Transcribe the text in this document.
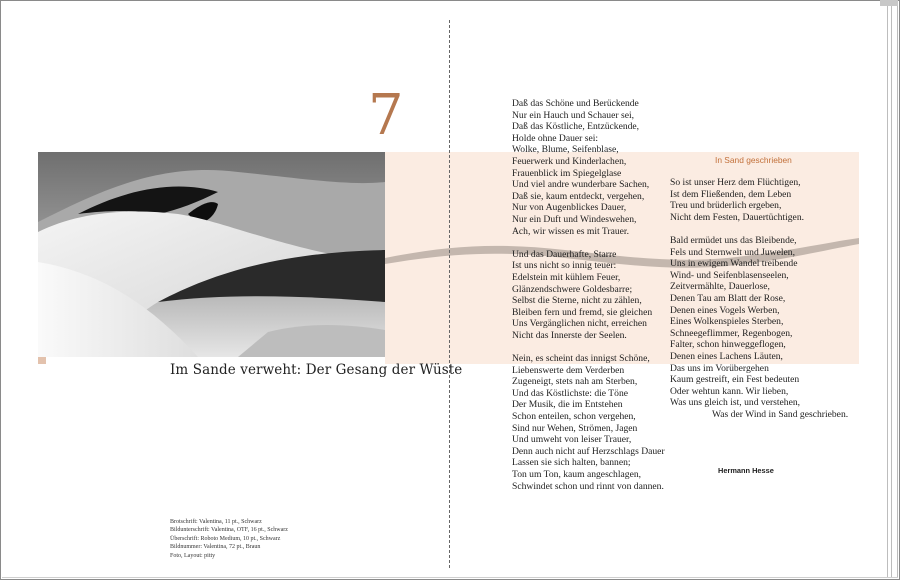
7
Im Sande verweht: Der Gesang der Wüste
Daß das Schöne und Berückende
Nur ein Hauch und Schauer sei,
Daß das Köstliche, Entzückende,
Holde ohne Dauer sei:
Wolke, Blume, Seifenblase,
Feuerwerk und Kinderlachen,
Frauenblick im Spiegelglase
Und viel andre wunderbare Sachen,
Daß sie, kaum entdeckt, vergehen,
Nur von Augenblickes Dauer,
Nur ein Duft und Windeswehen,
Ach, wir wissen es mit Trauer.
Und das Dauerhafte, Starre
Ist uns nicht so innig teuer:
Edelstein mit kühlem Feuer,
Glänzendschwere Goldesbarre;
Selbst die Sterne, nicht zu zählen,
Bleiben fern und fremd, sie gleichen
Uns Vergänglichen nicht, erreichen
Nicht das Innerste der Seelen.
Nein, es scheint das innigst Schöne,
Liebenswerte dem Verderben
Zugeneigt, stets nah am Sterben,
Und das Köstlichste: die Töne
Der Musik, die im Entstehen
Schon enteilen, schon vergehen,
Sind nur Wehen, Strömen, Jagen
Und umweht von leiser Trauer,
Denn auch nicht auf Herzschlags Dauer
Lassen sie sich halten, bannen;
Ton um Ton, kaum angeschlagen,
Schwindet schon und rinnt von dannen.
In Sand geschrieben
So ist unser Herz dem Flüchtigen,
Ist dem Fließenden, dem Leben
Treu und brüderlich ergeben,
Nicht dem Festen, Dauertüchtigen.
Bald ermüdet uns das Bleibende,
Fels und Sternwelt und Juwelen,
Uns in ewigem Wandel treibende
Wind- und Seifenblasenseelen,
Zeitvermählte, Dauerlose,
Denen Tau am Blatt der Rose,
Denen eines Vogels Werben,
Eines Wolkenspieles Sterben,
Schneegeflimmer, Regenbogen,
Falter, schon hinweggeflogen,
Denen eines Lachens Läuten,
Das uns im Vorübergehen
Kaum gestreift, ein Fest bedeuten
Oder wehtun kann. Wir lieben,
Was uns gleich ist, und verstehen,
Was der Wind in Sand geschrieben.
Hermann Hesse
Brotschrift: Valentina, 11 pt., Schwarz
Bildunterschrift: Valentina, OTF, 16 pt., Schwarz
Überschrift: Roboto Medium, 10 pt., Schwarz
Bildnummer: Valentina, 72 pt., Braun
Foto, Layout: pitty
